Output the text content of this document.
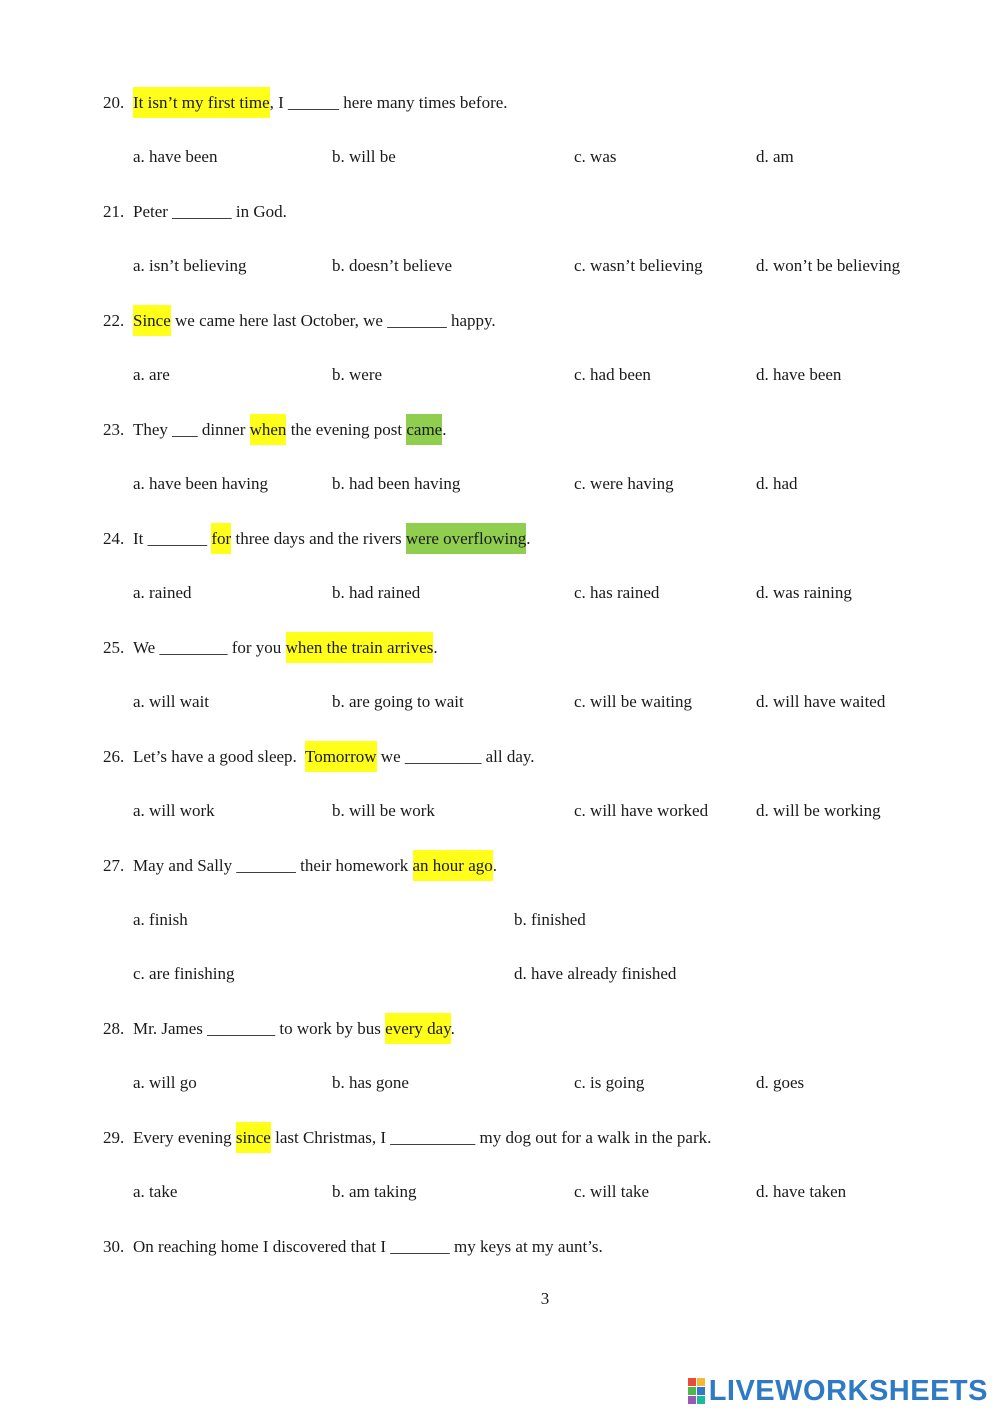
20. It isn’t my first time, I ______ here many times before.
a. have been	b. will be	c. was	d. am
21. Peter _______ in God.
a. isn’t believing	b. doesn’t believe	c. wasn’t believing	d. won’t be believing
22. Since we came here last October, we _______ happy.
a. are	b. were	c. had been	d. have been
23. They ___ dinner when the evening post came.
a. have been having	b. had been having	c. were having	d. had
24. It _______ for three days and the rivers were overflowing.
a. rained	b. had rained	c. has rained	d. was raining
25. We ________ for you when the train arrives.
a. will wait	b. are going to wait	c. will be waiting	d. will have waited
26. Let’s have a good sleep.  Tomorrow we _________ all day.
a. will work	b. will be work	c. will have worked	d. will be working
27. May and Sally _______ their homework an hour ago.
a. finish	b. finished
c. are finishing	d. have already finished
28. Mr. James ________ to work by bus every day.
a. will go	b. has gone	c. is going	d. goes
29. Every evening since last Christmas, I __________ my dog out for a walk in the park.
a. take	b. am taking	c. will take	d. have taken
30. On reaching home I discovered that I _______ my keys at my aunt’s.
3
LIVEWORKSHEETS
